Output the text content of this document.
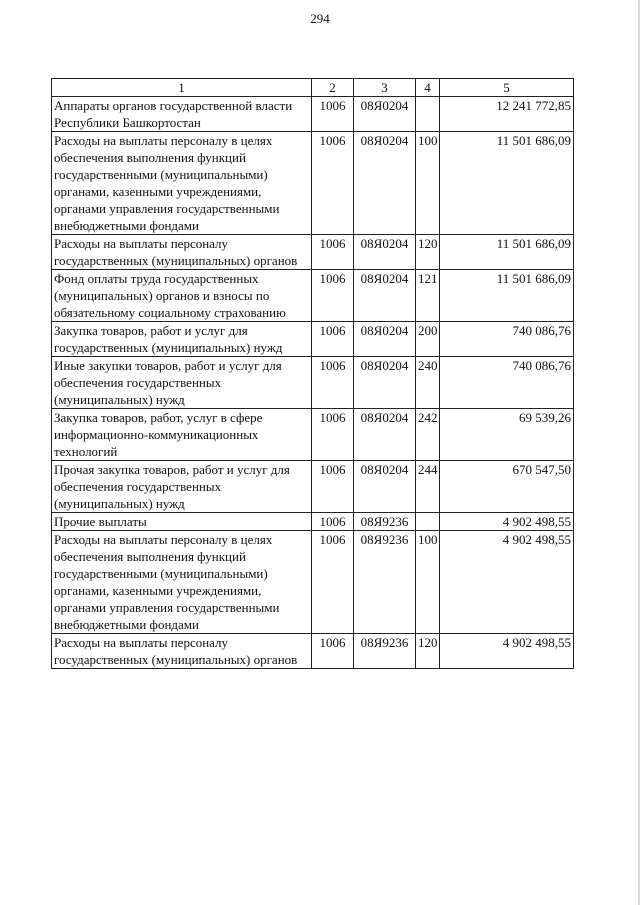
294
1	2	3	4	5
Аппараты органов государственной власти Республики Башкортостан	1006	08Я0204		12 241 772,85
Расходы на выплаты персоналу в целях обеспечения выполнения функций государственными (муниципальными) органами, казенными учреждениями, органами управления государственными внебюджетными фондами	1006	08Я0204	100	11 501 686,09
Расходы на выплаты персоналу государственных (муниципальных) органов	1006	08Я0204	120	11 501 686,09
Фонд оплаты труда государственных (муниципальных) органов и взносы по обязательному социальному страхованию	1006	08Я0204	121	11 501 686,09
Закупка товаров, работ и услуг для государственных (муниципальных) нужд	1006	08Я0204	200	740 086,76
Иные закупки товаров, работ и услуг для обеспечения государственных (муниципальных) нужд	1006	08Я0204	240	740 086,76
Закупка товаров, работ, услуг в сфере информационно-коммуникационных технологий	1006	08Я0204	242	69 539,26
Прочая закупка товаров, работ и услуг для обеспечения государственных (муниципальных) нужд	1006	08Я0204	244	670 547,50
Прочие выплаты	1006	08Я9236		4 902 498,55
Расходы на выплаты персоналу в целях обеспечения выполнения функций государственными (муниципальными) органами, казенными учреждениями, органами управления государственными внебюджетными фондами	1006	08Я9236	100	4 902 498,55
Расходы на выплаты персоналу государственных (муниципальных) органов	1006	08Я9236	120	4 902 498,55
